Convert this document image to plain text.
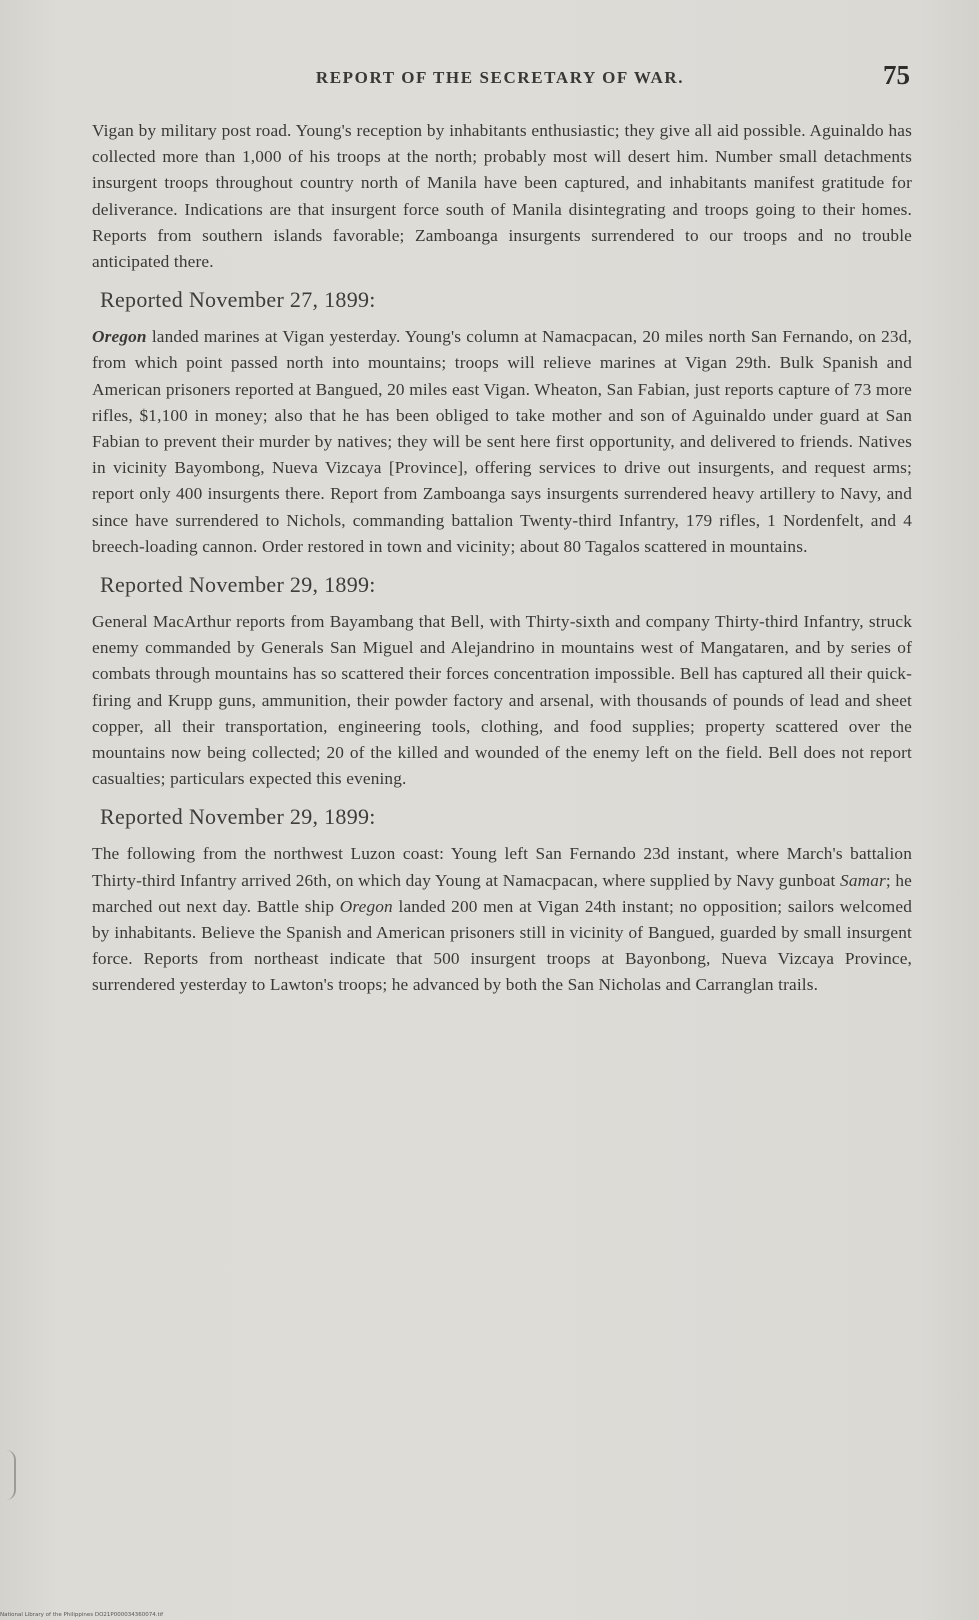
REPORT OF THE SECRETARY OF WAR.	75

Vigan by military post road. Young's reception by inhabitants enthusiastic; they give all aid possible. Aguinaldo has collected more than 1,000 of his troops at the north; probably most will desert him. Number small detachments insurgent troops throughout country north of Manila have been captured, and inhabitants manifest gratitude for deliverance. Indications are that insurgent force south of Manila disintegrating and troops going to their homes. Reports from southern islands favorable; Zamboanga insurgents surrendered to our troops and no trouble anticipated there.

Reported November 27, 1899:

Oregon landed marines at Vigan yesterday. Young's column at Namacpacan, 20 miles north San Fernando, on 23d, from which point passed north into mountains; troops will relieve marines at Vigan 29th. Bulk Spanish and American prisoners reported at Bangued, 20 miles east Vigan. Wheaton, San Fabian, just reports capture of 73 more rifles, $1,100 in money; also that he has been obliged to take mother and son of Aguinaldo under guard at San Fabian to prevent their murder by natives; they will be sent here first opportunity, and delivered to friends. Natives in vicinity Bayombong, Nueva Vizcaya [Province], offering services to drive out insurgents, and request arms; report only 400 insurgents there. Report from Zamboanga says insurgents surrendered heavy artillery to Navy, and since have surrendered to Nichols, commanding battalion Twenty-third Infantry, 179 rifles, 1 Nordenfelt, and 4 breech-loading cannon. Order restored in town and vicinity; about 80 Tagalos scattered in mountains.

Reported November 29, 1899:

General MacArthur reports from Bayambang that Bell, with Thirty-sixth and company Thirty-third Infantry, struck enemy commanded by Generals San Miguel and Alejandrino in mountains west of Mangataren, and by series of combats through mountains has so scattered their forces concentration impossible. Bell has captured all their quick-firing and Krupp guns, ammunition, their powder factory and arsenal, with thousands of pounds of lead and sheet copper, all their transportation, engineering tools, clothing, and food supplies; property scattered over the mountains now being collected; 20 of the killed and wounded of the enemy left on the field. Bell does not report casualties; particulars expected this evening.

Reported November 29, 1899:

The following from the northwest Luzon coast: Young left San Fernando 23d instant, where March's battalion Thirty-third Infantry arrived 26th, on which day Young at Namacpacan, where supplied by Navy gunboat Samar; he marched out next day. Battle ship Oregon landed 200 men at Vigan 24th instant; no opposition; sailors welcomed by inhabitants. Believe the Spanish and American prisoners still in vicinity of Bangued, guarded by small insurgent force. Reports from northeast indicate that 500 insurgent troops at Bayonbong, Nueva Vizcaya Province, surrendered yesterday to Lawton's troops; he advanced by both the San Nicholas and Carranglan trails.

National Library of the Philippines DO21P000034360074.tif
